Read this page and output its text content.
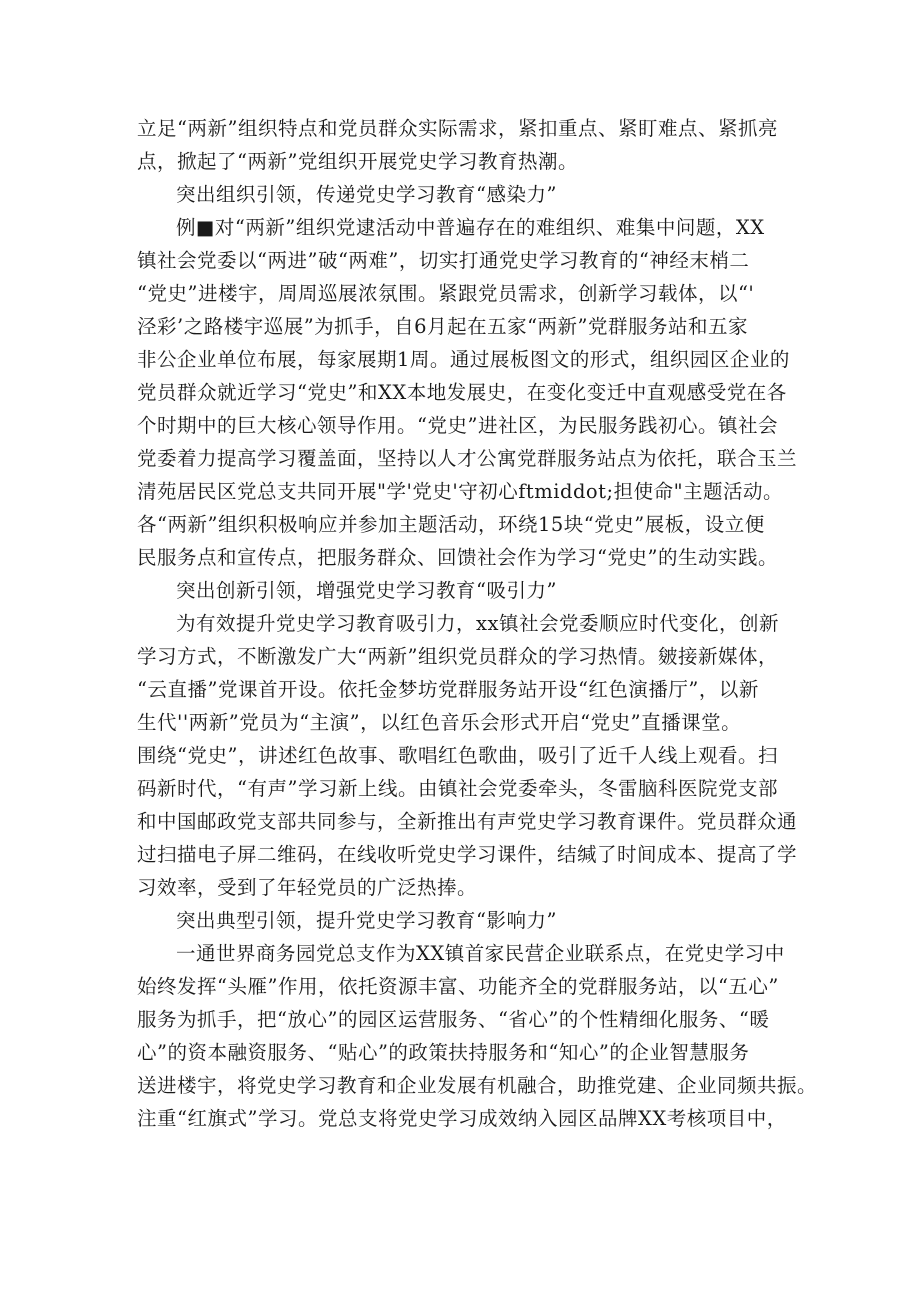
立足“两新”组织特点和党员群众实际需求，紧扣重点、紧盯难点、紧抓亮
点，掀起了“两新”党组织开展党史学习教育热潮。
突出组织引领，传递党史学习教育“感染力”
例■对“两新”组织党逮活动中普遍存在的难组织、难集中问题，XX
镇社会党委以“两进”破“两难”，切实打通党史学习教育的“神经末梢二
“党史”进楼宇，周周巡展浓氛围。紧跟党员需求，创新学习载体，以“'
泾彩’之路楼宇巡展”为抓手，自6月起在五家“两新”党群服务站和五家
非公企业单位布展，每家展期1周。通过展板图文的形式，组织园区企业的
党员群众就近学习“党史”和XX本地发展史，在变化变迁中直观感受党在各
个时期中的巨大核心领导作用。“党史”进社区，为民服务践初心。镇社会
党委着力提高学习覆盖面，坚持以人才公寓党群服务站点为依托，联合玉兰
清苑居民区党总支共同开展"学'党史'守初心ftmiddot;担使命"主题活动。
各“两新”组织积极响应并参加主题活动，环绕15块“党史”展板，设立便
民服务点和宣传点，把服务群众、回馈社会作为学习“党史”的生动实践。
突出创新引领，增强党史学习教育“吸引力”
为有效提升党史学习教育吸引力，xx镇社会党委顺应时代变化，创新
学习方式，不断激发广大“两新”组织党员群众的学习热情。皴接新媒体，
“云直播”党课首开设。依托金梦坊党群服务站开设“红色演播厅”，以新
生代''两新”党员为“主演”，以红色音乐会形式开启“党史”直播课堂。
围绕“党史”，讲述红色故事、歌唱红色歌曲，吸引了近千人线上观看。扫
码新时代，“有声”学习新上线。由镇社会党委牵头，冬雷脑科医院党支部
和中国邮政党支部共同参与，全新推出有声党史学习教育课件。党员群众通
过扫描电子屏二维码，在线收听党史学习课件，结缄了时间成本、提高了学
习效率，受到了年轻党员的广泛热捧。
突出典型引领，提升党史学习教育“影响力”
一通世界商务园党总支作为XX镇首家民营企业联系点，在党史学习中
始终发挥“头雁”作用，依托资源丰富、功能齐全的党群服务站，以“五心”
服务为抓手，把“放心”的园区运营服务、“省心”的个性精细化服务、“暖
心”的资本融资服务、“贴心”的政策扶持服务和“知心”的企业智慧服务
送进楼宇，将党史学习教育和企业发展有机融合，助推党建、企业同频共振。
注重“红旗式”学习。党总支将党史学习成效纳入园区品牌XX考核项目中，
